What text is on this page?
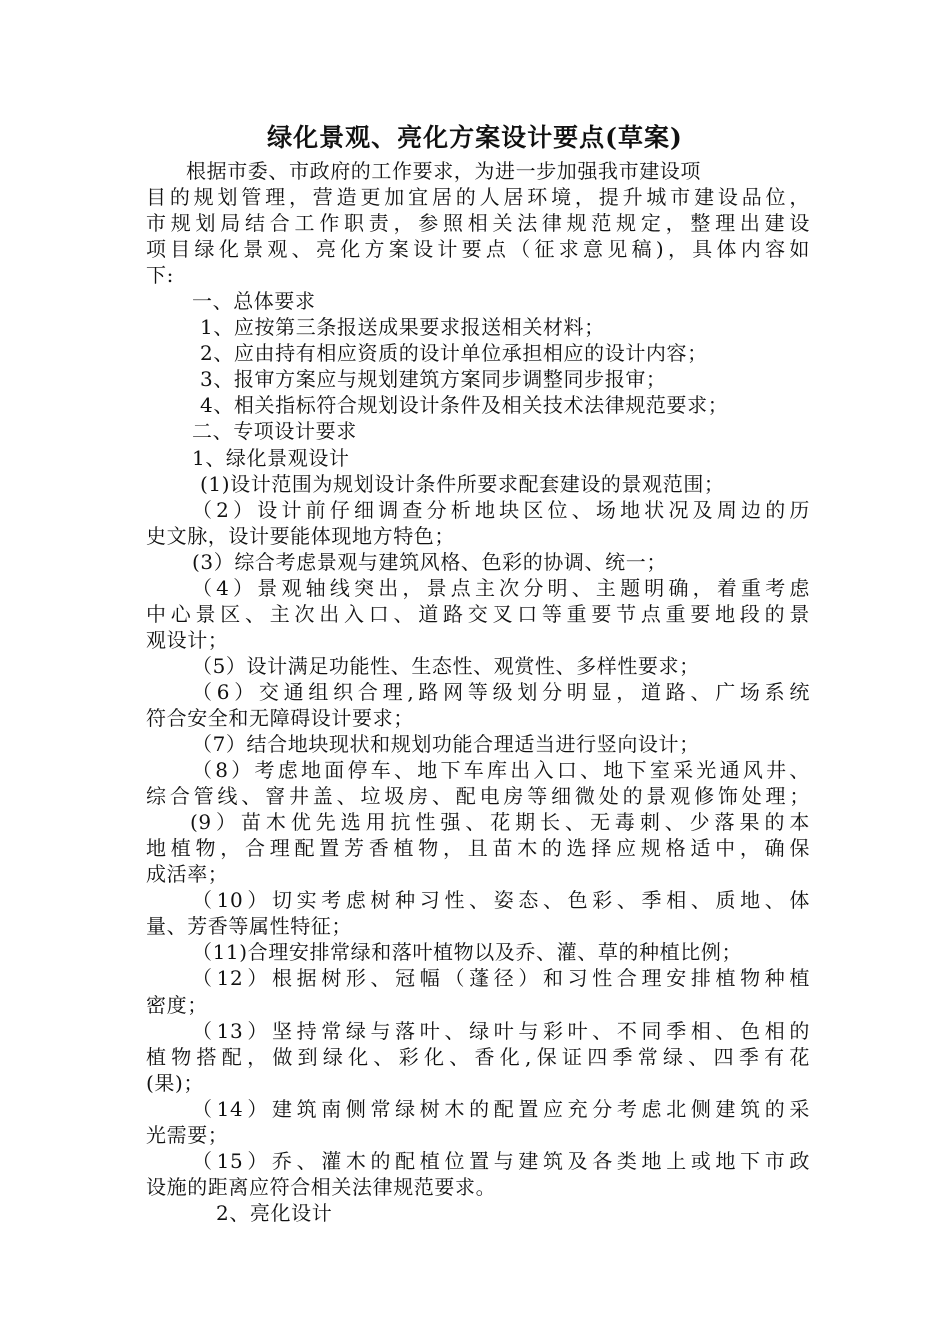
绿化景观、亮化方案设计要点(草案)
根据市委、市政府的工作要求，为进一步加强我市建设项
目的规划管理，营造更加宜居的人居环境，提升城市建设品位，
市规划局结合工作职责，参照相关法律规范规定，整理出建设
项目绿化景观、亮化方案设计要点（征求意见稿)，具体内容如
下:
一、总体要求
1、应按第三条报送成果要求报送相关材料；
2、应由持有相应资质的设计单位承担相应的设计内容；
3、报审方案应与规划建筑方案同步调整同步报审；
4、相关指标符合规划设计条件及相关技术法律规范要求；
二、专项设计要求
1、绿化景观设计
(1)设计范围为规划设计条件所要求配套建设的景观范围；
（2）设计前仔细调查分析地块区位、场地状况及周边的历
史文脉，设计要能体现地方特色；
(3）综合考虑景观与建筑风格、色彩的协调、统一；
（4）景观轴线突出，景点主次分明、主题明确，着重考虑
中心景区、主次出入口、道路交叉口等重要节点重要地段的景
观设计；
（5）设计满足功能性、生态性、观赏性、多样性要求；
（6）交通组织合理,路网等级划分明显，道路、广场系统
符合安全和无障碍设计要求；
（7）结合地块现状和规划功能合理适当进行竖向设计；
（8）考虑地面停车、地下车库出入口、地下室采光通风井、
综合管线、窨井盖、垃圾房、配电房等细微处的景观修饰处理；
(9）苗木优先选用抗性强、花期长、无毒刺、少落果的本
地植物，合理配置芳香植物，且苗木的选择应规格适中，确保
成活率；
（10）切实考虑树种习性、姿态、色彩、季相、质地、体
量、芳香等属性特征；
（11)合理安排常绿和落叶植物以及乔、灌、草的种植比例；
（12）根据树形、冠幅（蓬径）和习性合理安排植物种植
密度；
（13）坚持常绿与落叶、绿叶与彩叶、不同季相、色相的
植物搭配，做到绿化、彩化、香化,保证四季常绿、四季有花
(果)；
（14）建筑南侧常绿树木的配置应充分考虑北侧建筑的采
光需要；
（15）乔、灌木的配植位置与建筑及各类地上或地下市政
设施的距离应符合相关法律规范要求。
2、亮化设计
